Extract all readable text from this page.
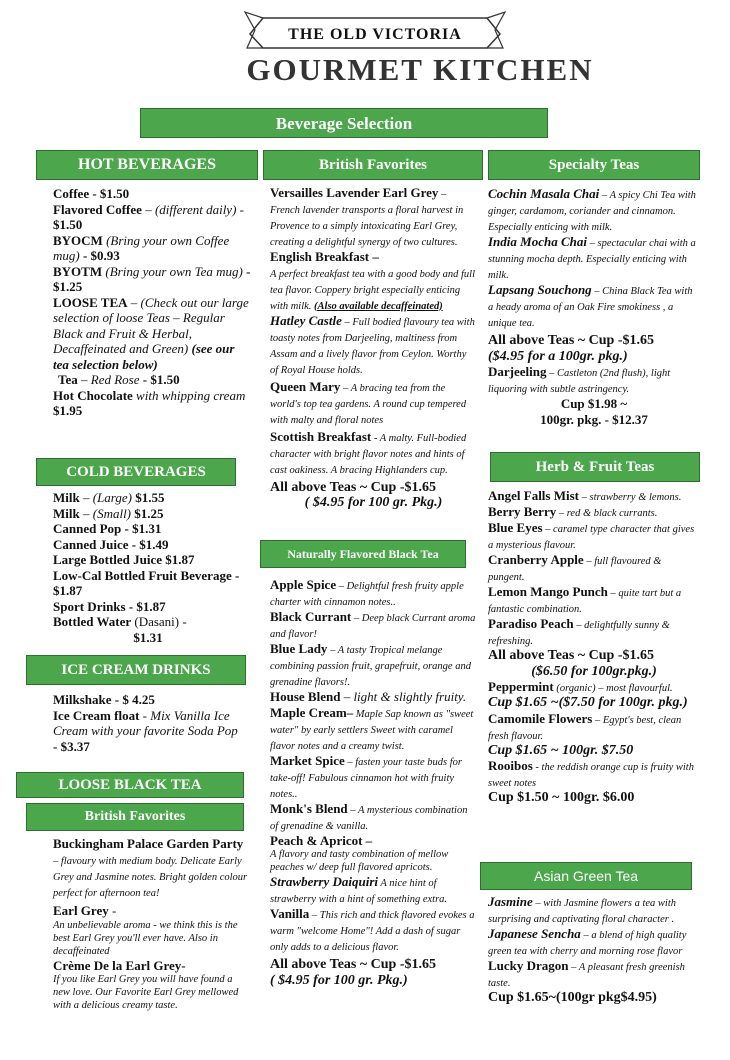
THE OLD VICTORIA
GOURMET KITCHEN
Beverage Selection
HOT BEVERAGES

Coffee - $1.50

Flavored Coffee – (different daily) - $1.50

BYOCM (Bring your own Coffee mug) - $0.93

BYOTM (Bring your own Tea mug) - $1.25

LOOSE TEA – (Check out our large selection of loose Teas – Regular Black and Fruit & Herbal, Decaffeinated and Green) (see our tea selection below)

Tea – Red Rose - $1.50

Hot Chocolate with whipping cream $1.95

COLD BEVERAGES

Milk – (Large) $1.55

Milk – (Small) $1.25

Canned Pop - $1.31

Canned Juice - $1.49

Large Bottled Juice $1.87

Low-Cal Bottled Fruit Beverage - $1.87

Sport Drinks - $1.87

Bottled Water (Dasani) -

$1.31

ICE CREAM DRINKS

Milkshake - $ 4.25

Ice Cream float - Mix Vanilla Ice Cream with your favorite Soda Pop - $3.37

LOOSE BLACK TEA
British Favorites

Buckingham Palace Garden Party – flavoury with medium body. Delicate Early Grey and Jasmine notes. Bright golden colour perfect for afternoon tea!

Earl Grey -

An unbelievable aroma - we think this is the best Earl Grey you'll ever have. Also in decaffeinated

Crème De la Earl Grey-

If you like Earl Grey you will have found a new love. Our Favorite Earl Grey mellowed with a delicious creamy taste.

British Favorites

Versailles Lavender Earl Grey – French lavender transports a floral harvest in Provence to a simply intoxicating Earl Grey, creating a delightful synergy of two cultures.

English Breakfast –

A perfect breakfast tea with a good body and full tea flavor. Coppery bright especially enticing with milk. (Also available decaffeinated)

Hatley Castle – Full bodied flavoury tea with toasty notes from Darjeeling, maltiness from Assam and a lively flavor from Ceylon. Worthy of Royal House holds.

Queen Mary – A bracing tea from the world's top tea gardens. A round cup tempered with malty and floral notes

Scottish Breakfast - A malty. Full-bodied character with bright flavor notes and hints of cast oakiness. A bracing Highlanders cup.

All above Teas ~ Cup -$1.65

( $4.95 for 100 gr. Pkg.)

Naturally Flavored Black Tea

Apple Spice – Delightful fresh fruity apple charter with cinnamon notes..

Black Currant – Deep black Currant aroma and flavor!

Blue Lady – A tasty Tropical melange combining passion fruit, grapefruit, orange and grenadine flavors!.

House Blend – light & slightly fruity.

Maple Cream– Maple Sap known as "sweet water" by early settlers Sweet with caramel flavor notes and a creamy twist.

Market Spice – fasten your taste buds for take-off! Fabulous cinnamon hot with fruity notes..

Monk's Blend – A mysterious combination of grenadine & vanilla.

Peach & Apricot –

A flavory and tasty combination of mellow peaches w/ deep full flavored apricots.

Strawberry Daiquiri A nice hint of strawberry with a hint of something extra.

Vanilla – This rich and thick flavored evokes a warm "welcome Home"! Add a dash of sugar only adds to a delicious flavor.

All above Teas ~ Cup -$1.65

( $4.95 for 100 gr. Pkg.)

Specialty Teas

Cochin Masala Chai – A spicy Chi Tea with ginger, cardamom, coriander and cinnamon. Especially enticing with milk.

India Mocha Chai – spectacular chai with a stunning mocha depth. Especially enticing with milk.

Lapsang Souchong – China Black Tea with a heady aroma of an Oak Fire smokiness , a unique tea.

All above Teas ~ Cup -$1.65

($4.95 for a 100gr. pkg.)

Darjeeling – Castleton (2nd flush), light liquoring with subtle astringency.

Cup $1.98 ~

100gr. pkg. - $12.37

Herb & Fruit Teas

Angel Falls Mist – strawberry & lemons.

Berry Berry – red & black currants.

Blue Eyes – caramel type character that gives a mysterious flavour.

Cranberry Apple – full flavoured & pungent.

Lemon Mango Punch – quite tart but a fantastic combination.

Paradiso Peach – delightfully sunny & refreshing.

All above Teas ~ Cup -$1.65

($6.50 for 100gr.pkg.)

Peppermint (organic) – most flavourful.

Cup $1.65 ~($7.50 for 100gr. pkg.)

Camomile Flowers – Egypt's best, clean fresh flavour.

Cup $1.65 ~ 100gr. $7.50

Rooibos - the reddish orange cup is fruity with sweet notes

Cup $1.50 ~ 100gr. $6.00

Asian Green Tea

Jasmine – with Jasmine flowers a tea with surprising and captivating floral character .

Japanese Sencha – a blend of high quality green tea with cherry and morning rose flavor

Lucky Dragon – A pleasant fresh greenish taste.

Cup $1.65~(100gr pkg$4.95)
